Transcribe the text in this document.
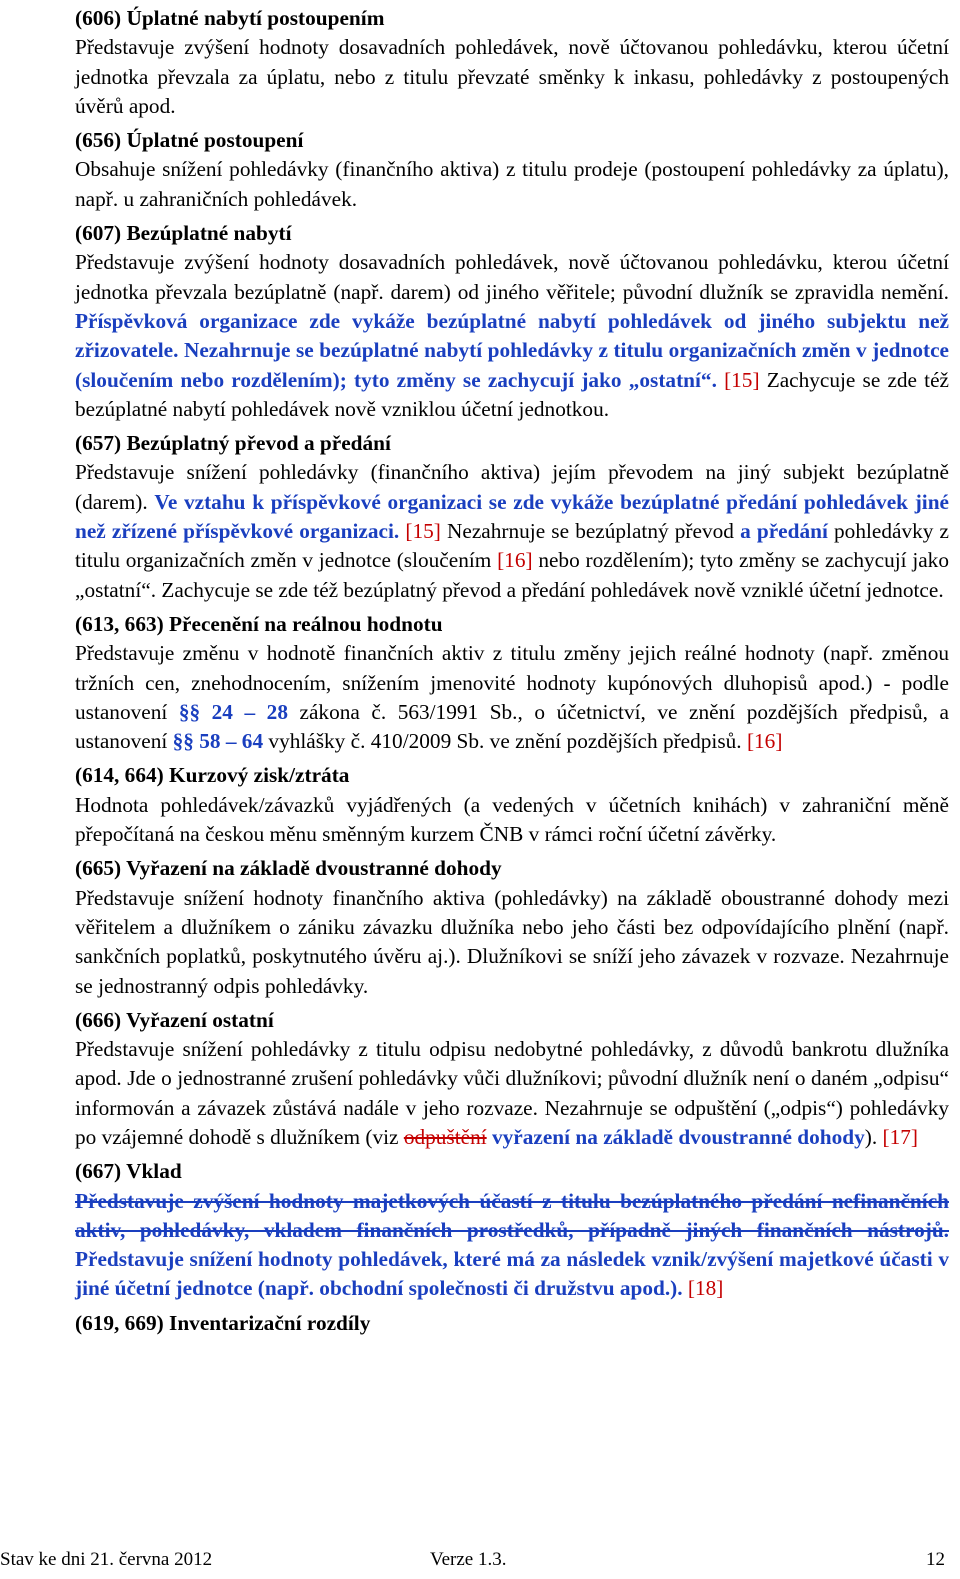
(606) Úplatné nabytí postoupením

Představuje zvýšení hodnoty dosavadních pohledávek, nově účtovanou pohledávku, kterou účetní jednotka převzala za úplatu, nebo z titulu převzaté směnky k inkasu, pohledávky z postoupených úvěrů apod.

(656) Úplatné postoupení

Obsahuje snížení pohledávky (finančního aktiva) z titulu prodeje (postoupení pohledávky za úplatu), např. u zahraničních pohledávek.

(607) Bezúplatné nabytí

Představuje zvýšení hodnoty dosavadních pohledávek, nově účtovanou pohledávku, kterou účetní jednotka převzala bezúplatně (např. darem) od jiného věřitele; původní dlužník se zpravidla nemění. Příspěvková organizace zde vykáže bezúplatné nabytí pohledávek od jiného subjektu než zřizovatele. Nezahrnuje se bezúplatné nabytí pohledávky z titulu organizačních změn v jednotce (sloučením nebo rozdělením); tyto změny se zachycují jako „ostatní“. [15] Zachycuje se zde též bezúplatné nabytí pohledávek nově vzniklou účetní jednotkou.

(657) Bezúplatný převod a předání

Představuje snížení pohledávky (finančního aktiva) jejím převodem na jiný subjekt bezúplatně (darem). Ve vztahu k příspěvkové organizaci se zde vykáže bezúplatné předání pohledávek jiné než zřízené příspěvkové organizaci. [15] Nezahrnuje se bezúplatný převod a předání pohledávky z titulu organizačních změn v jednotce (sloučením [16] nebo rozdělením); tyto změny se zachycují jako „ostatní“. Zachycuje se zde též bezúplatný převod a předání pohledávek nově vzniklé účetní jednotce.

(613, 663) Přecenění na reálnou hodnotu

Představuje změnu v hodnotě finančních aktiv z titulu změny jejich reálné hodnoty (např. změnou tržních cen, znehodnocením, snížením jmenovité hodnoty kupónových dluhopisů apod.) - podle ustanovení §§ 24 – 28 zákona č. 563/1991 Sb., o účetnictví, ve znění pozdějších předpisů, a ustanovení §§ 58 – 64 vyhlášky č. 410/2009 Sb. ve znění pozdějších předpisů. [16]

(614, 664) Kurzový zisk/ztráta

Hodnota pohledávek/závazků vyjádřených (a vedených v účetních knihách) v zahraniční měně přepočítaná na českou měnu směnným kurzem ČNB v rámci roční účetní závěrky.

(665) Vyřazení na základě dvoustranné dohody

Představuje snížení hodnoty finančního aktiva (pohledávky) na základě oboustranné dohody mezi věřitelem a dlužníkem o zániku závazku dlužníka nebo jeho části bez odpovídajícího plnění (např. sankčních poplatků, poskytnutého úvěru aj.). Dlužníkovi se sníží jeho závazek v rozvaze. Nezahrnuje se jednostranný odpis pohledávky.

(666) Vyřazení ostatní

Představuje snížení pohledávky z titulu odpisu nedobytné pohledávky, z důvodů bankrotu dlužníka apod. Jde o jednostranné zrušení pohledávky vůči dlužníkovi; původní dlužník není o daném „odpisu“ informován a závazek zůstává nadále v jeho rozvaze. Nezahrnuje se odpuštění („odpis“) pohledávky po vzájemné dohodě s dlužníkem (viz odpuštění vyřazení na základě dvoustranné dohody). [17]

(667) Vklad

Představuje zvýšení hodnoty majetkových účastí z titulu bezúplatného předání nefinančních aktiv, pohledávky, vkladem finančních prostředků, případně jiných finančních nástrojů. Představuje snížení hodnoty pohledávek, které má za následek vznik/zvýšení majetkové účasti v jiné účetní jednotce (např. obchodní společnosti či družstvu apod.). [18]

(619, 669) Inventarizační rozdíly

Stav ke dni 21. června 2012	Verze 1.3.	12
